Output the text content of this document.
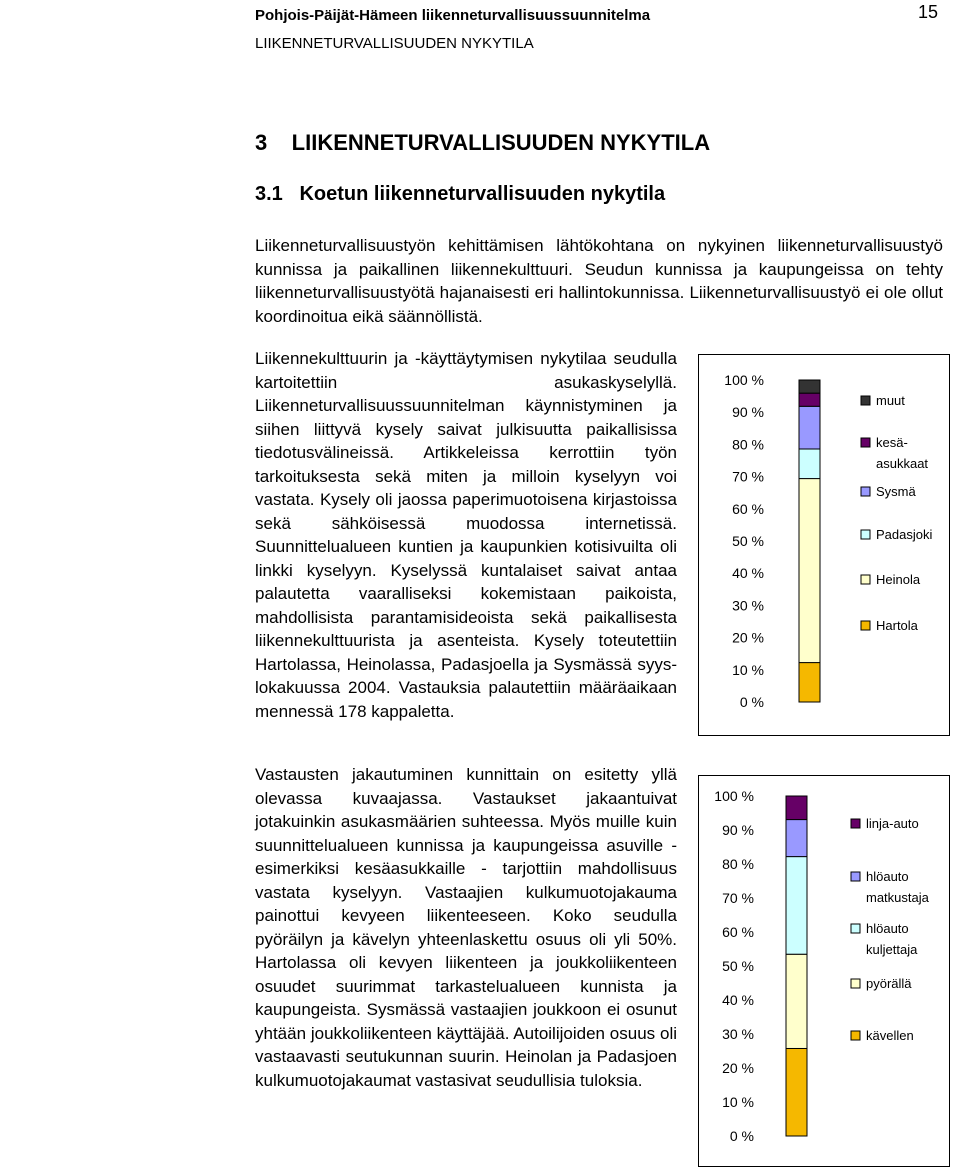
Pohjois-Päijät-Hämeen liikenneturvallisuussuunnitelma
LIIKENNETURVALLISUUDEN NYKYTILA
15
3    LIIKENNETURVALLISUUDEN NYKYTILA
3.1   Koetun liikenneturvallisuuden nykytila
Liikenneturvallisuustyön kehittämisen lähtökohtana on nykyinen liikenneturvallisuustyö kunnissa ja paikallinen liikennekulttuuri. Seudun kunnissa ja kaupungeissa on tehty liikenneturvallisuustyötä hajanaisesti eri hallintokunnissa. Liikenneturvallisuustyö ei ole ollut koordinoitua eikä säännöllistä.
Liikennekulttuurin ja -käyttäytymisen nykytilaa seudulla kartoitettiin asukaskyselyllä. Liikenneturvallisuussuunnitelman käynnistyminen ja siihen liittyvä kysely saivat julkisuutta paikallisissa tiedotusvälineissä. Artikkeleissa kerrottiin työn tarkoituksesta sekä miten ja milloin kyselyyn voi vastata. Kysely oli jaossa paperimuotoisena kirjastoissa sekä sähköisessä muodossa internetissä. Suunnittelualueen kuntien ja kaupunkien kotisivuilta oli linkki kyselyyn. Kyselyssä kuntalaiset saivat antaa palautetta vaaralliseksi kokemistaan paikoista, mahdollisista parantamisideoista sekä paikallisesta liikennekulttuurista ja asenteista. Kysely toteutettiin Hartolassa, Heinolassa, Padasjoella ja Sysmässä syys-lokakuussa 2004. Vastauksia palautettiin määräaikaan mennessä 178 kappaletta.
Vastausten jakautuminen kunnittain on esitetty yllä olevassa kuvaajassa. Vastaukset jakaantuivat jotakuinkin asukasmäärien suhteessa. Myös muille kuin suunnittelualueen kunnissa ja kaupungeissa asuville - esimerkiksi kesäasukkaille - tarjottiin mahdollisuus vastata kyselyyn. Vastaajien kulkumuotojakauma painottui kevyeen liikenteeseen. Koko seudulla pyöräilyn ja kävelyn yhteenlaskettu osuus oli yli 50%. Hartolassa oli kevyen liikenteen ja joukkoliikenteen osuudet suurimmat tarkastelualueen kunnista ja kaupungeista. Sysmässä vastaajien joukkoon ei osunut yhtään joukkoliikenteen käyttäjää. Autoilijoiden osuus oli vastaavasti seutukunnan suurin. Heinolan ja Padasjoen kulkumuotojakaumat vastasivat seudullisia tuloksia.
100 %
90 %
80 %
70 %
60 %
50 %
40 %
30 %
20 %
10 %
0 %
muut
kesä-
asukkaat
Sysmä
Padasjoki
Heinola
Hartola
100 %
90 %
80 %
70 %
60 %
50 %
40 %
30 %
20 %
10 %
0 %
linja-auto
hlöauto
matkustaja
hlöauto
kuljettaja
pyörällä
kävellen
